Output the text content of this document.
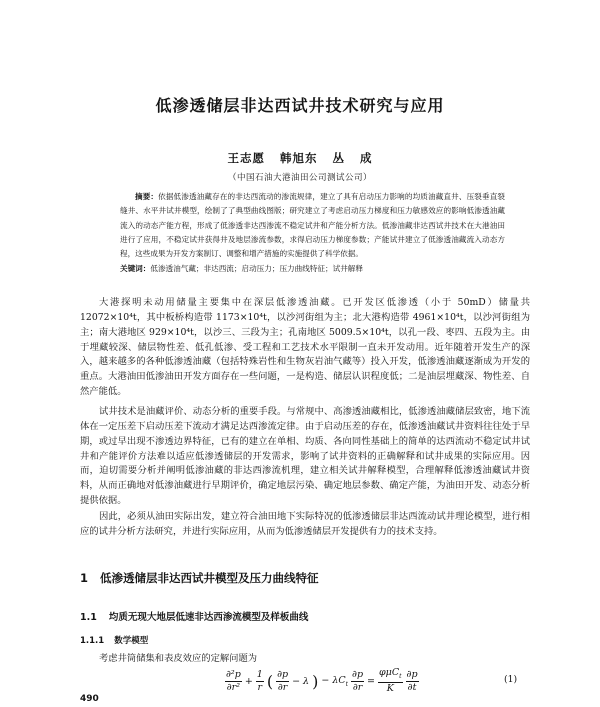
低渗透储层非达西试井技术研究与应用
王志愿 韩旭东 丛 成
（中国石油大港油田公司测试公司）
摘要：依据低渗透油藏存在的非达西流动的渗流规律，建立了具有启动压力影响的均质油藏直井、压裂垂直裂缝井、水平井试井模型，绘制了了典型曲线图版；研究建立了考虑启动压力梯度和压力敏感效应的影响低渗透油藏流入的动态产能方程，形成了低渗透非达西渗流不稳定试井和产能分析方法。低渗油藏非达西试井技术在大港油田进行了应用，不稳定试井获得井及地层渗流参数，求得启动压力梯度参数；产能试井建立了低渗透油藏流入动态方程，这些成果为开发方案制订、调整和增产措施的实施提供了科学依据。
关键词：低渗透油气藏；非达西流；启动压力；压力曲线特征；试井解释

大港探明未动用储量主要集中在深层低渗透油藏。已开发区低渗透（小于 50mD）储量共12072×10⁴t，其中板桥构造带 1173×10⁴t，以沙河街组为主；北大港构造带 4961×10⁴t，以沙河街组为主；南大港地区 929×10⁴t，以沙三、三段为主；孔南地区 5009.5×10⁴t，以孔一段、枣四、五段为主。由于埋藏较深、储层物性差、低孔低渗、受工程和工艺技术水平限制一直未开发动用。近年随着开发生产的深入，越来越多的各种低渗透油藏（包括特殊岩性和生物灰岩油气藏等）投入开发，低渗透油藏逐渐成为开发的重点。大港油田低渗油田开发方面存在一些问题，一是构造、储层认识程度低；二是油层埋藏深、物性差、自然产能低。

试井技术是油藏评价、动态分析的重要手段。与常规中、高渗透油藏相比，低渗透油藏储层致密，地下流体在一定压差下启动压差下流动才满足达西渗流定律。由于启动压差的存在，低渗透油藏试井资料往往处于早期，或过早出现不渗透边界特征，已有的建立在单相、均质、各向同性基础上的简单的达西流动不稳定试井试井和产能评价方法难以适应低渗透储层的开发需求，影响了试井资料的正确解释和试井成果的实际应用。因而，迫切需要分析并阐明低渗油藏的非达西渗流机理，建立相关试井解释模型，合理解释低渗透油藏试井资料，从而正确地对低渗油藏进行早期评价，确定地层污染、确定地层参数、确定产能，为油田开发、动态分析提供依据。

因此，必须从油田实际出发，建立符合油田地下实际特况的低渗透储层非达西流动试井理论模型，进行相应的试井分析方法研究，并进行实际应用，从而为低渗透储层开发提供有力的技术支持。

1 低渗透储层非达西试井模型及压力曲线特征
1.1 均质无现大地层低速非达西渗流模型及样板曲线
1.1.1 数学模型
考虑井筒储集和表皮效应的定解问题为
$\frac{\text{∂²p}}{\text{∂r²}} + \frac{1}{r}$ ( $\frac{\partial p}{\partial r} - \lambda$ ) − $\lambda C_t \frac{\partial p}{\partial r} = \frac{\varphi\mu C_t}{K} \frac{\partial p}{\partial t}$	(1)
490
